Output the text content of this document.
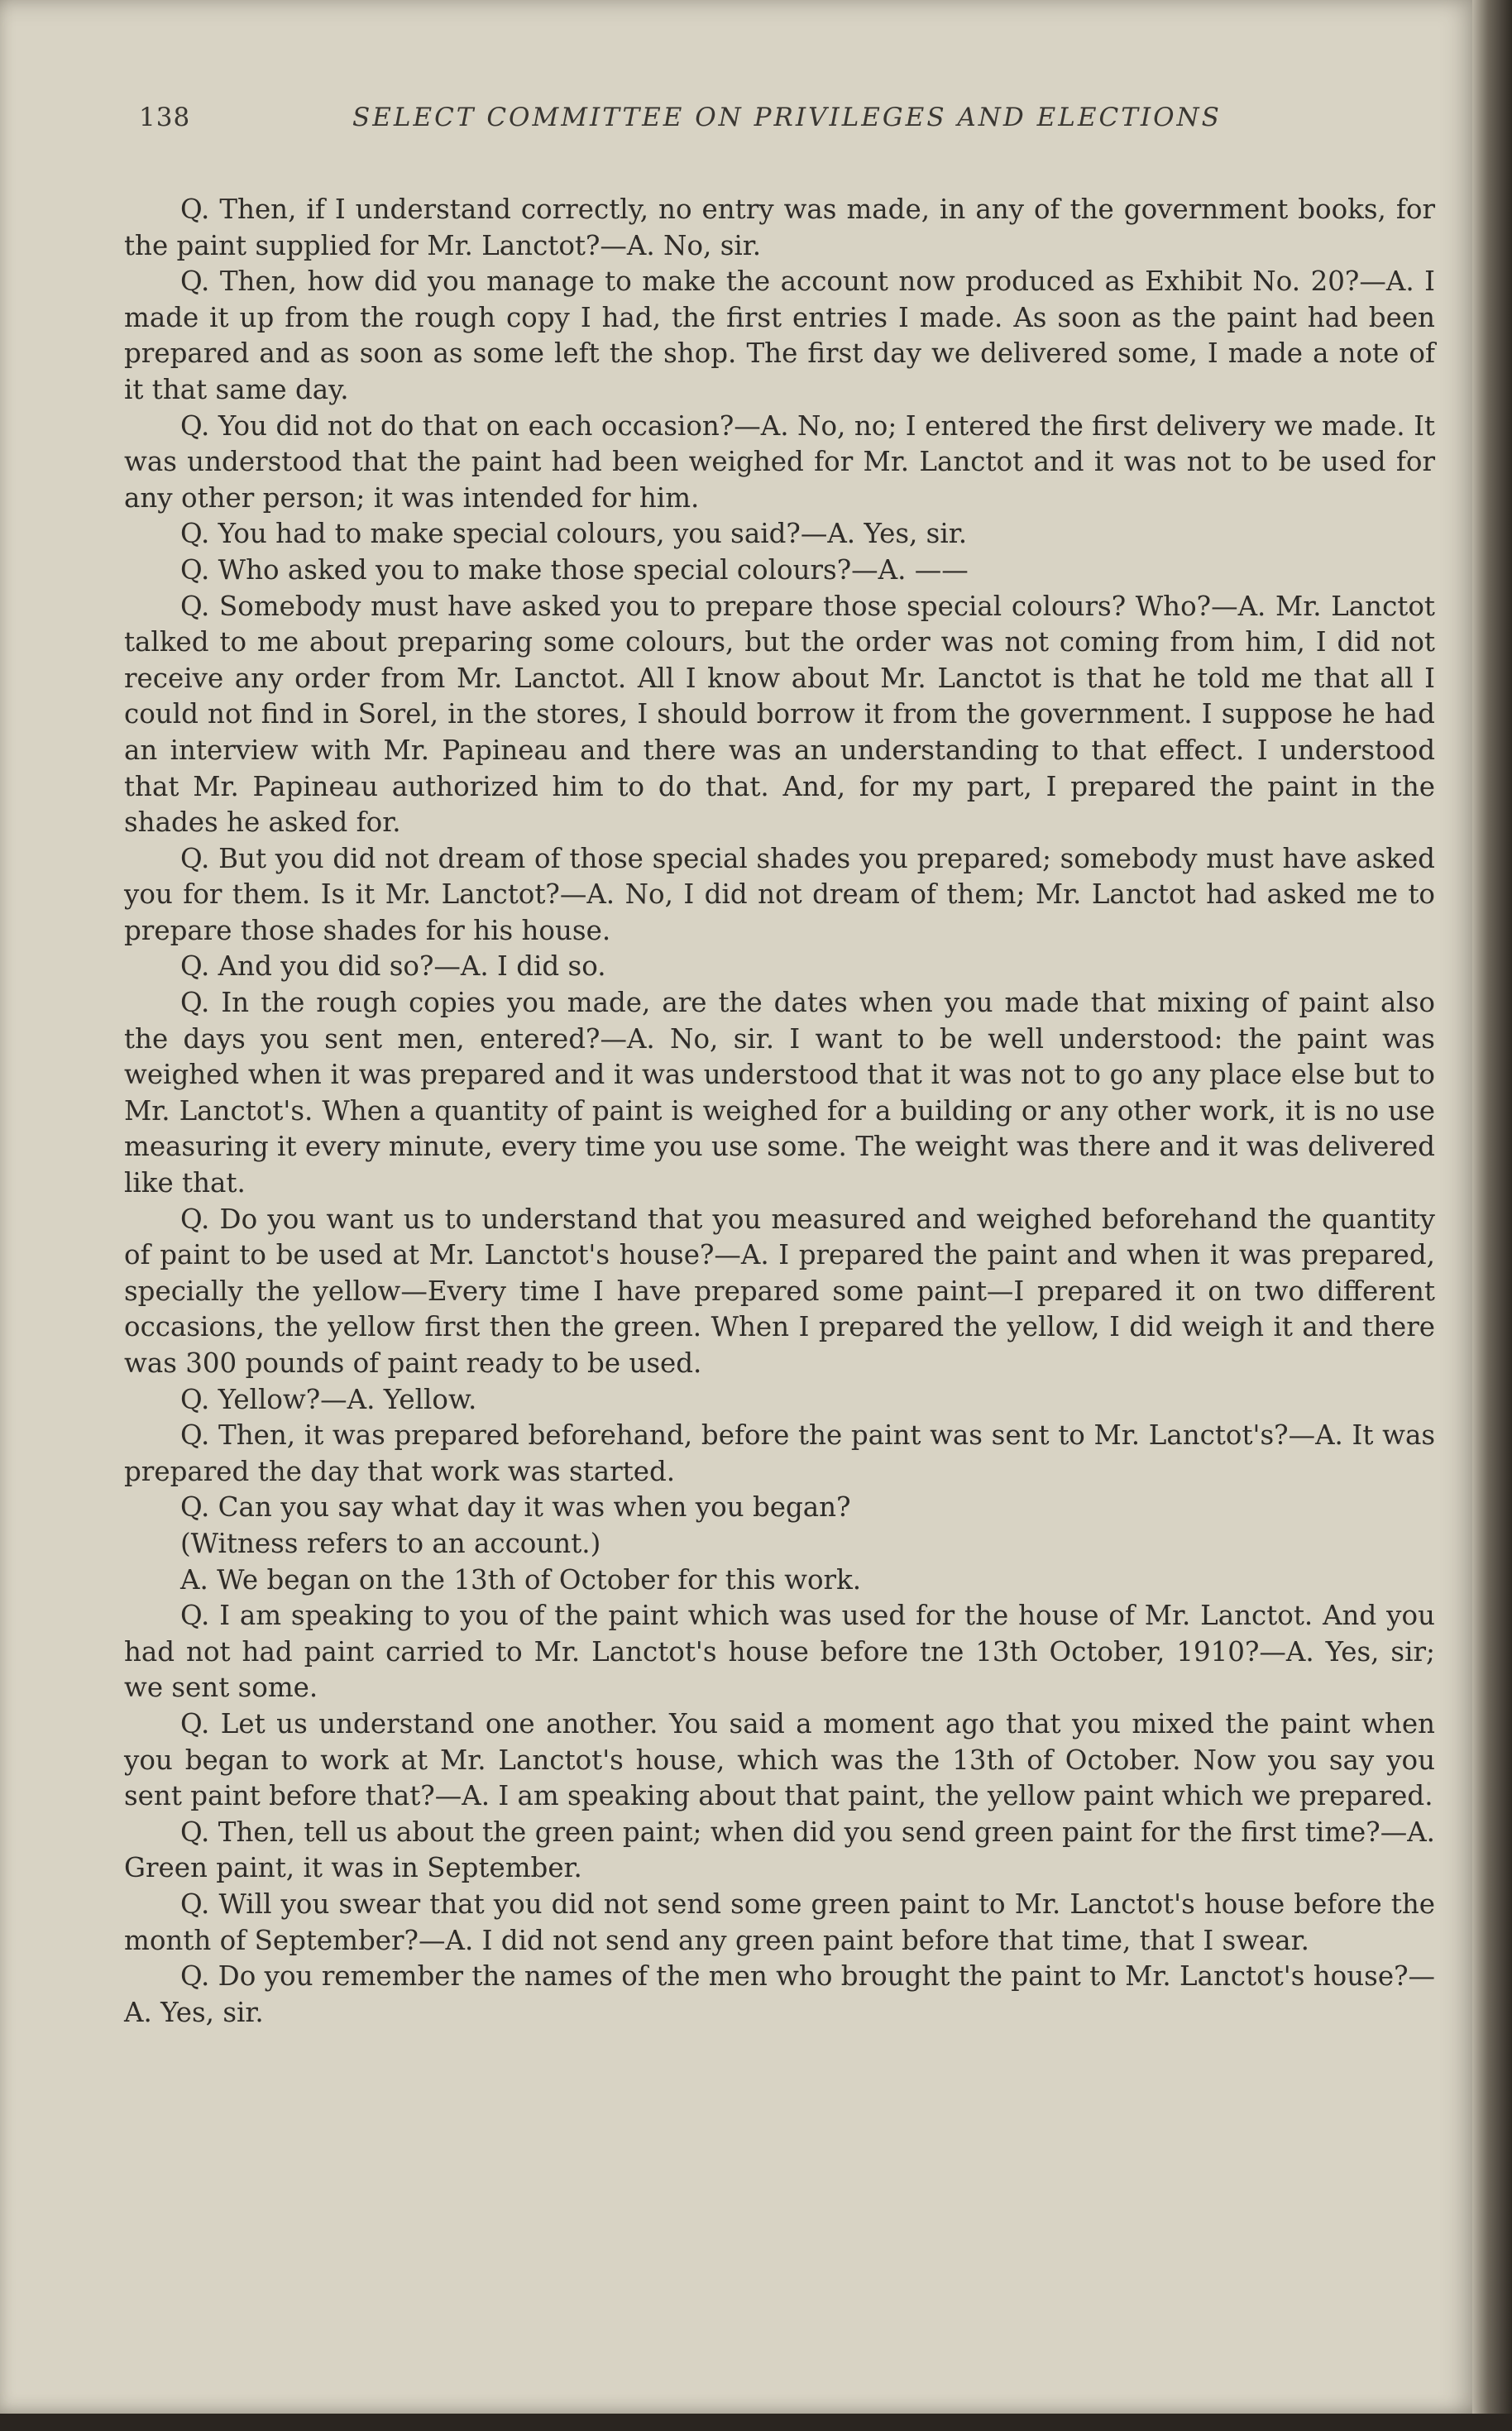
138	SELECT COMMITTEE ON PRIVILEGES AND ELECTIONS

Q. Then, if I understand correctly, no entry was made, in any of the government books, for the paint supplied for Mr. Lanctot?—A. No, sir.

Q. Then, how did you manage to make the account now produced as Exhibit No. 20?—A. I made it up from the rough copy I had, the first entries I made. As soon as the paint had been prepared and as soon as some left the shop. The first day we delivered some, I made a note of it that same day.

Q. You did not do that on each occasion?—A. No, no; I entered the first delivery we made. It was understood that the paint had been weighed for Mr. Lanctot and it was not to be used for any other person; it was intended for him.

Q. You had to make special colours, you said?—A. Yes, sir.

Q. Who asked you to make those special colours?—A. ——

Q. Somebody must have asked you to prepare those special colours? Who?—A. Mr. Lanctot talked to me about preparing some colours, but the order was not coming from him, I did not receive any order from Mr. Lanctot. All I know about Mr. Lanctot is that he told me that all I could not find in Sorel, in the stores, I should borrow it from the government. I suppose he had an interview with Mr. Papineau and there was an understanding to that effect. I understood that Mr. Papineau authorized him to do that. And, for my part, I prepared the paint in the shades he asked for.

Q. But you did not dream of those special shades you prepared; somebody must have asked you for them. Is it Mr. Lanctot?—A. No, I did not dream of them; Mr. Lanctot had asked me to prepare those shades for his house.

Q. And you did so?—A. I did so.

Q. In the rough copies you made, are the dates when you made that mixing of paint also the days you sent men, entered?—A. No, sir. I want to be well understood: the paint was weighed when it was prepared and it was understood that it was not to go any place else but to Mr. Lanctot's. When a quantity of paint is weighed for a building or any other work, it is no use measuring it every minute, every time you use some. The weight was there and it was delivered like that.

Q. Do you want us to understand that you measured and weighed beforehand the quantity of paint to be used at Mr. Lanctot's house?—A. I prepared the paint and when it was prepared, specially the yellow—Every time I have prepared some paint—I prepared it on two different occasions, the yellow first then the green. When I prepared the yellow, I did weigh it and there was 300 pounds of paint ready to be used.

Q. Yellow?—A. Yellow.

Q. Then, it was prepared beforehand, before the paint was sent to Mr. Lanctot's?—A. It was prepared the day that work was started.

Q. Can you say what day it was when you began?

(Witness refers to an account.)

A. We began on the 13th of October for this work.

Q. I am speaking to you of the paint which was used for the house of Mr. Lanctot. And you had not had paint carried to Mr. Lanctot's house before tne 13th October, 1910?—A. Yes, sir; we sent some.

Q. Let us understand one another. You said a moment ago that you mixed the paint when you began to work at Mr. Lanctot's house, which was the 13th of October. Now you say you sent paint before that?—A. I am speaking about that paint, the yellow paint which we prepared.

Q. Then, tell us about the green paint; when did you send green paint for the first time?—A. Green paint, it was in September.

Q. Will you swear that you did not send some green paint to Mr. Lanctot's house before the month of September?—A. I did not send any green paint before that time, that I swear.

Q. Do you remember the names of the men who brought the paint to Mr. Lanctot's house?—A. Yes, sir.
